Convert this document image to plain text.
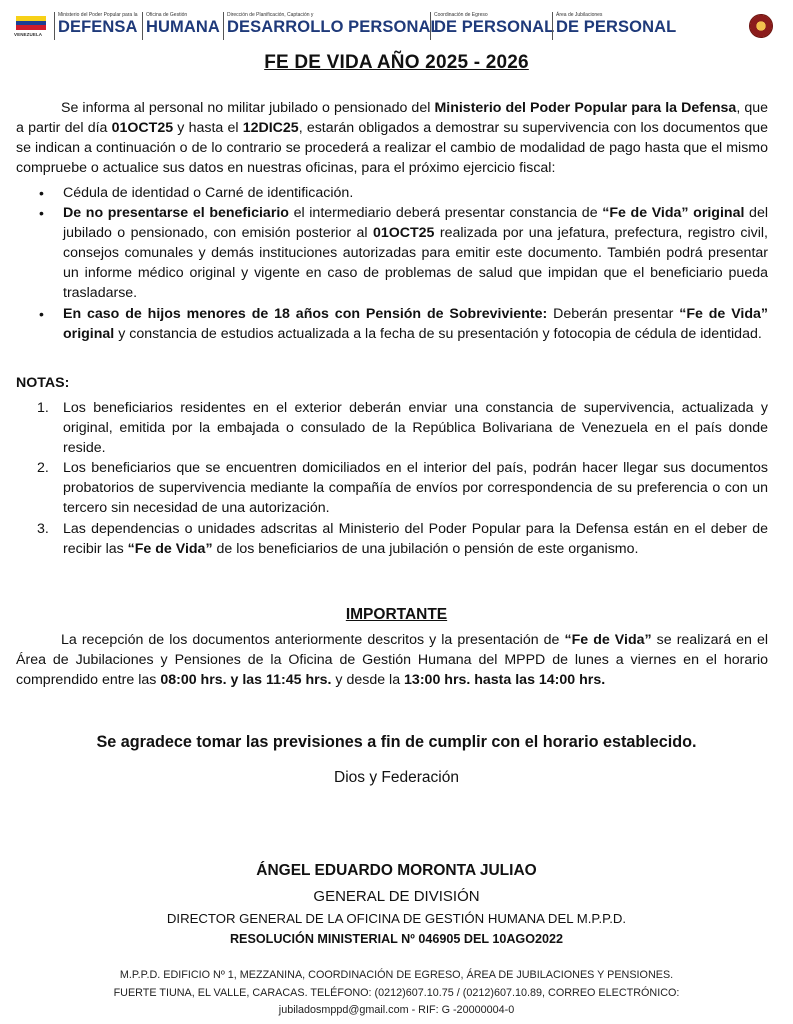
VENEZUELA
Ministerio del Poder Popular para la
DEFENSA
Oficina de Gestión
HUMANA
Dirección de Planificación, Captación y
DESARROLLO PERSONAL
Coordinación de Egreso
DE PERSONAL
Área de Jubilaciones
DE PERSONAL
FE DE VIDA AÑO 2025 - 2026

Se informa al personal no militar jubilado o pensionado del Ministerio del Poder Popular para la Defensa, que a partir del día 01OCT25 y hasta el 12DIC25, estarán obligados a demostrar su supervivencia con los documentos que se indican a continuación o de lo contrario se procederá a realizar el cambio de modalidad de pago hasta que el mismo compruebe o actualice sus datos en nuestras oficinas, para el próximo ejercicio fiscal:

• Cédula de identidad o Carné de identificación.
• De no presentarse el beneficiario el intermediario deberá presentar constancia de “Fe de Vida” original del jubilado o pensionado, con emisión posterior al 01OCT25 realizada por una jefatura, prefectura, registro civil, consejos comunales y demás instituciones autorizadas para emitir este documento. También podrá presentar un informe médico original y vigente en caso de problemas de salud que impidan que el beneficiario pueda trasladarse.
• En caso de hijos menores de 18 años con Pensión de Sobreviviente: Deberán presentar “Fe de Vida” original y constancia de estudios actualizada a la fecha de su presentación y fotocopia de cédula de identidad.
NOTAS:
1. Los beneficiarios residentes en el exterior deberán enviar una constancia de supervivencia, actualizada y original, emitida por la embajada o consulado de la República Bolivariana de Venezuela en el país donde reside.
2. Los beneficiarios que se encuentren domiciliados en el interior del país, podrán hacer llegar sus documentos probatorios de supervivencia mediante la compañía de envíos por correspondencia de su preferencia o con un tercero sin necesidad de una autorización.
3. Las dependencias o unidades adscritas al Ministerio del Poder Popular para la Defensa están en el deber de recibir las “Fe de Vida” de los beneficiarios de una jubilación o pensión de este organismo.
IMPORTANTE

La recepción de los documentos anteriormente descritos y la presentación de “Fe de Vida” se realizará en el Área de Jubilaciones y Pensiones de la Oficina de Gestión Humana del MPPD de lunes a viernes en el horario comprendido entre las 08:00 hrs. y las 11:45 hrs. y desde la 13:00 hrs. hasta las 14:00 hrs.

Se agradece tomar las previsiones a fin de cumplir con el horario establecido.
Dios y Federación
ÁNGEL EDUARDO MORONTA JULIAO
GENERAL DE DIVISIÓN
DIRECTOR GENERAL DE LA OFICINA DE GESTIÓN HUMANA DEL M.P.P.D.
RESOLUCIÓN MINISTERIAL Nº 046905 DEL 10AGO2022
M.P.P.D. EDIFICIO Nº 1, MEZZANINA, COORDINACIÓN DE EGRESO, ÁREA DE JUBILACIONES Y PENSIONES.
FUERTE TIUNA, EL VALLE, CARACAS. TELÉFONO: (0212)607.10.75 / (0212)607.10.89, CORREO ELECTRÓNICO:
jubiladosmppd@gmail.com - RIF: G -20000004-0
